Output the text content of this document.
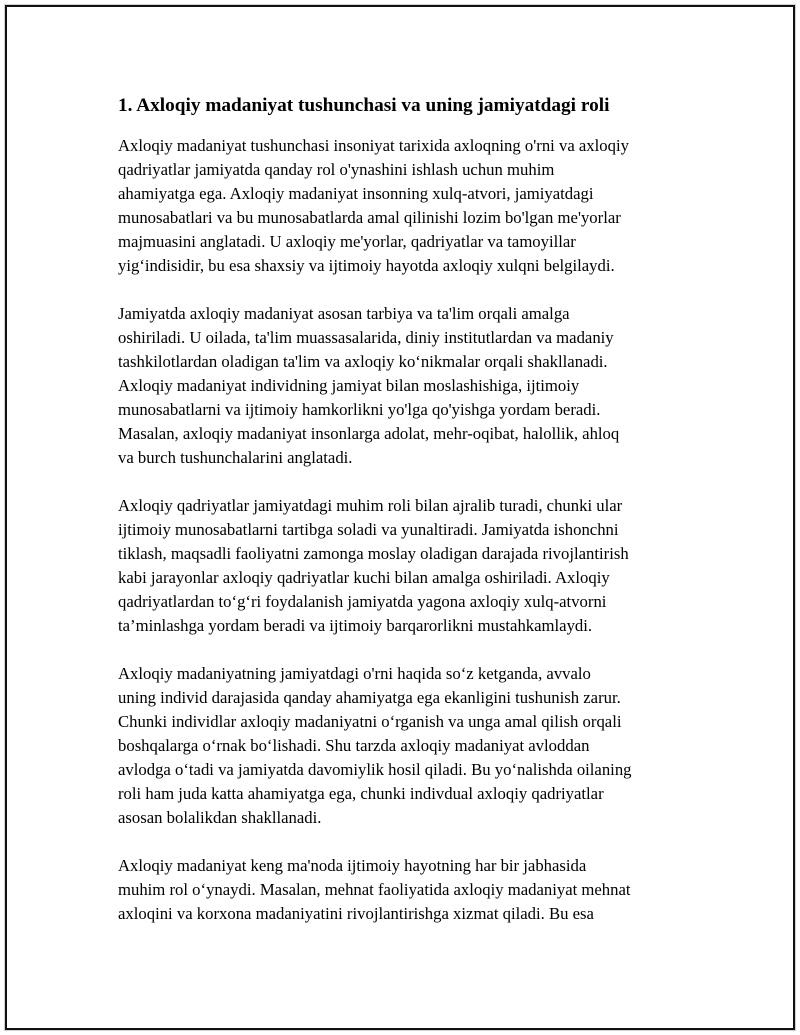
1. Axloqiy madaniyat tushunchasi va uning jamiyatdagi roli

Axloqiy madaniyat tushunchasi insoniyat tarixida axloqning o'rni va axloqiy
qadriyatlar jamiyatda qanday rol o'ynashini ishlash uchun muhim
ahamiyatga ega. Axloqiy madaniyat insonning xulq-atvori, jamiyatdagi
munosabatlari va bu munosabatlarda amal qilinishi lozim bo'lgan me'yorlar
majmuasini anglatadi. U axloqiy me'yorlar, qadriyatlar va tamoyillar
yig‘indisidir, bu esa shaxsiy va ijtimoiy hayotda axloqiy xulqni belgilaydi.

Jamiyatda axloqiy madaniyat asosan tarbiya va ta'lim orqali amalga
oshiriladi. U oilada, ta'lim muassasalarida, diniy institutlardan va madaniy
tashkilotlardan oladigan ta'lim va axloqiy ko‘nikmalar orqali shakllanadi.
Axloqiy madaniyat individning jamiyat bilan moslashishiga, ijtimoiy
munosabatlarni va ijtimoiy hamkorlikni yo'lga qo'yishga yordam beradi.
Masalan, axloqiy madaniyat insonlarga adolat, mehr-oqibat, halollik, ahloq
va burch tushunchalarini anglatadi.

Axloqiy qadriyatlar jamiyatdagi muhim roli bilan ajralib turadi, chunki ular
ijtimoiy munosabatlarni tartibga soladi va yunaltiradi. Jamiyatda ishonchni
tiklash, maqsadli faoliyatni zamonga moslay oladigan darajada rivojlantirish
kabi jarayonlar axloqiy qadriyatlar kuchi bilan amalga oshiriladi. Axloqiy
qadriyatlardan to‘g‘ri foydalanish jamiyatda yagona axloqiy xulq-atvorni
ta’minlashga yordam beradi va ijtimoiy barqarorlikni mustahkamlaydi.

Axloqiy madaniyatning jamiyatdagi o'rni haqida so‘z ketganda, avvalo
uning individ darajasida qanday ahamiyatga ega ekanligini tushunish zarur.
Chunki individlar axloqiy madaniyatni o‘rganish va unga amal qilish orqali
boshqalarga o‘rnak bo‘lishadi. Shu tarzda axloqiy madaniyat avloddan
avlodga o‘tadi va jamiyatda davomiylik hosil qiladi. Bu yo‘nalishda oilaning
roli ham juda katta ahamiyatga ega, chunki indivdual axloqiy qadriyatlar
asosan bolalikdan shakllanadi.

Axloqiy madaniyat keng ma'noda ijtimoiy hayotning har bir jabhasida
muhim rol o‘ynaydi. Masalan, mehnat faoliyatida axloqiy madaniyat mehnat
axloqini va korxona madaniyatini rivojlantirishga xizmat qiladi. Bu esa
